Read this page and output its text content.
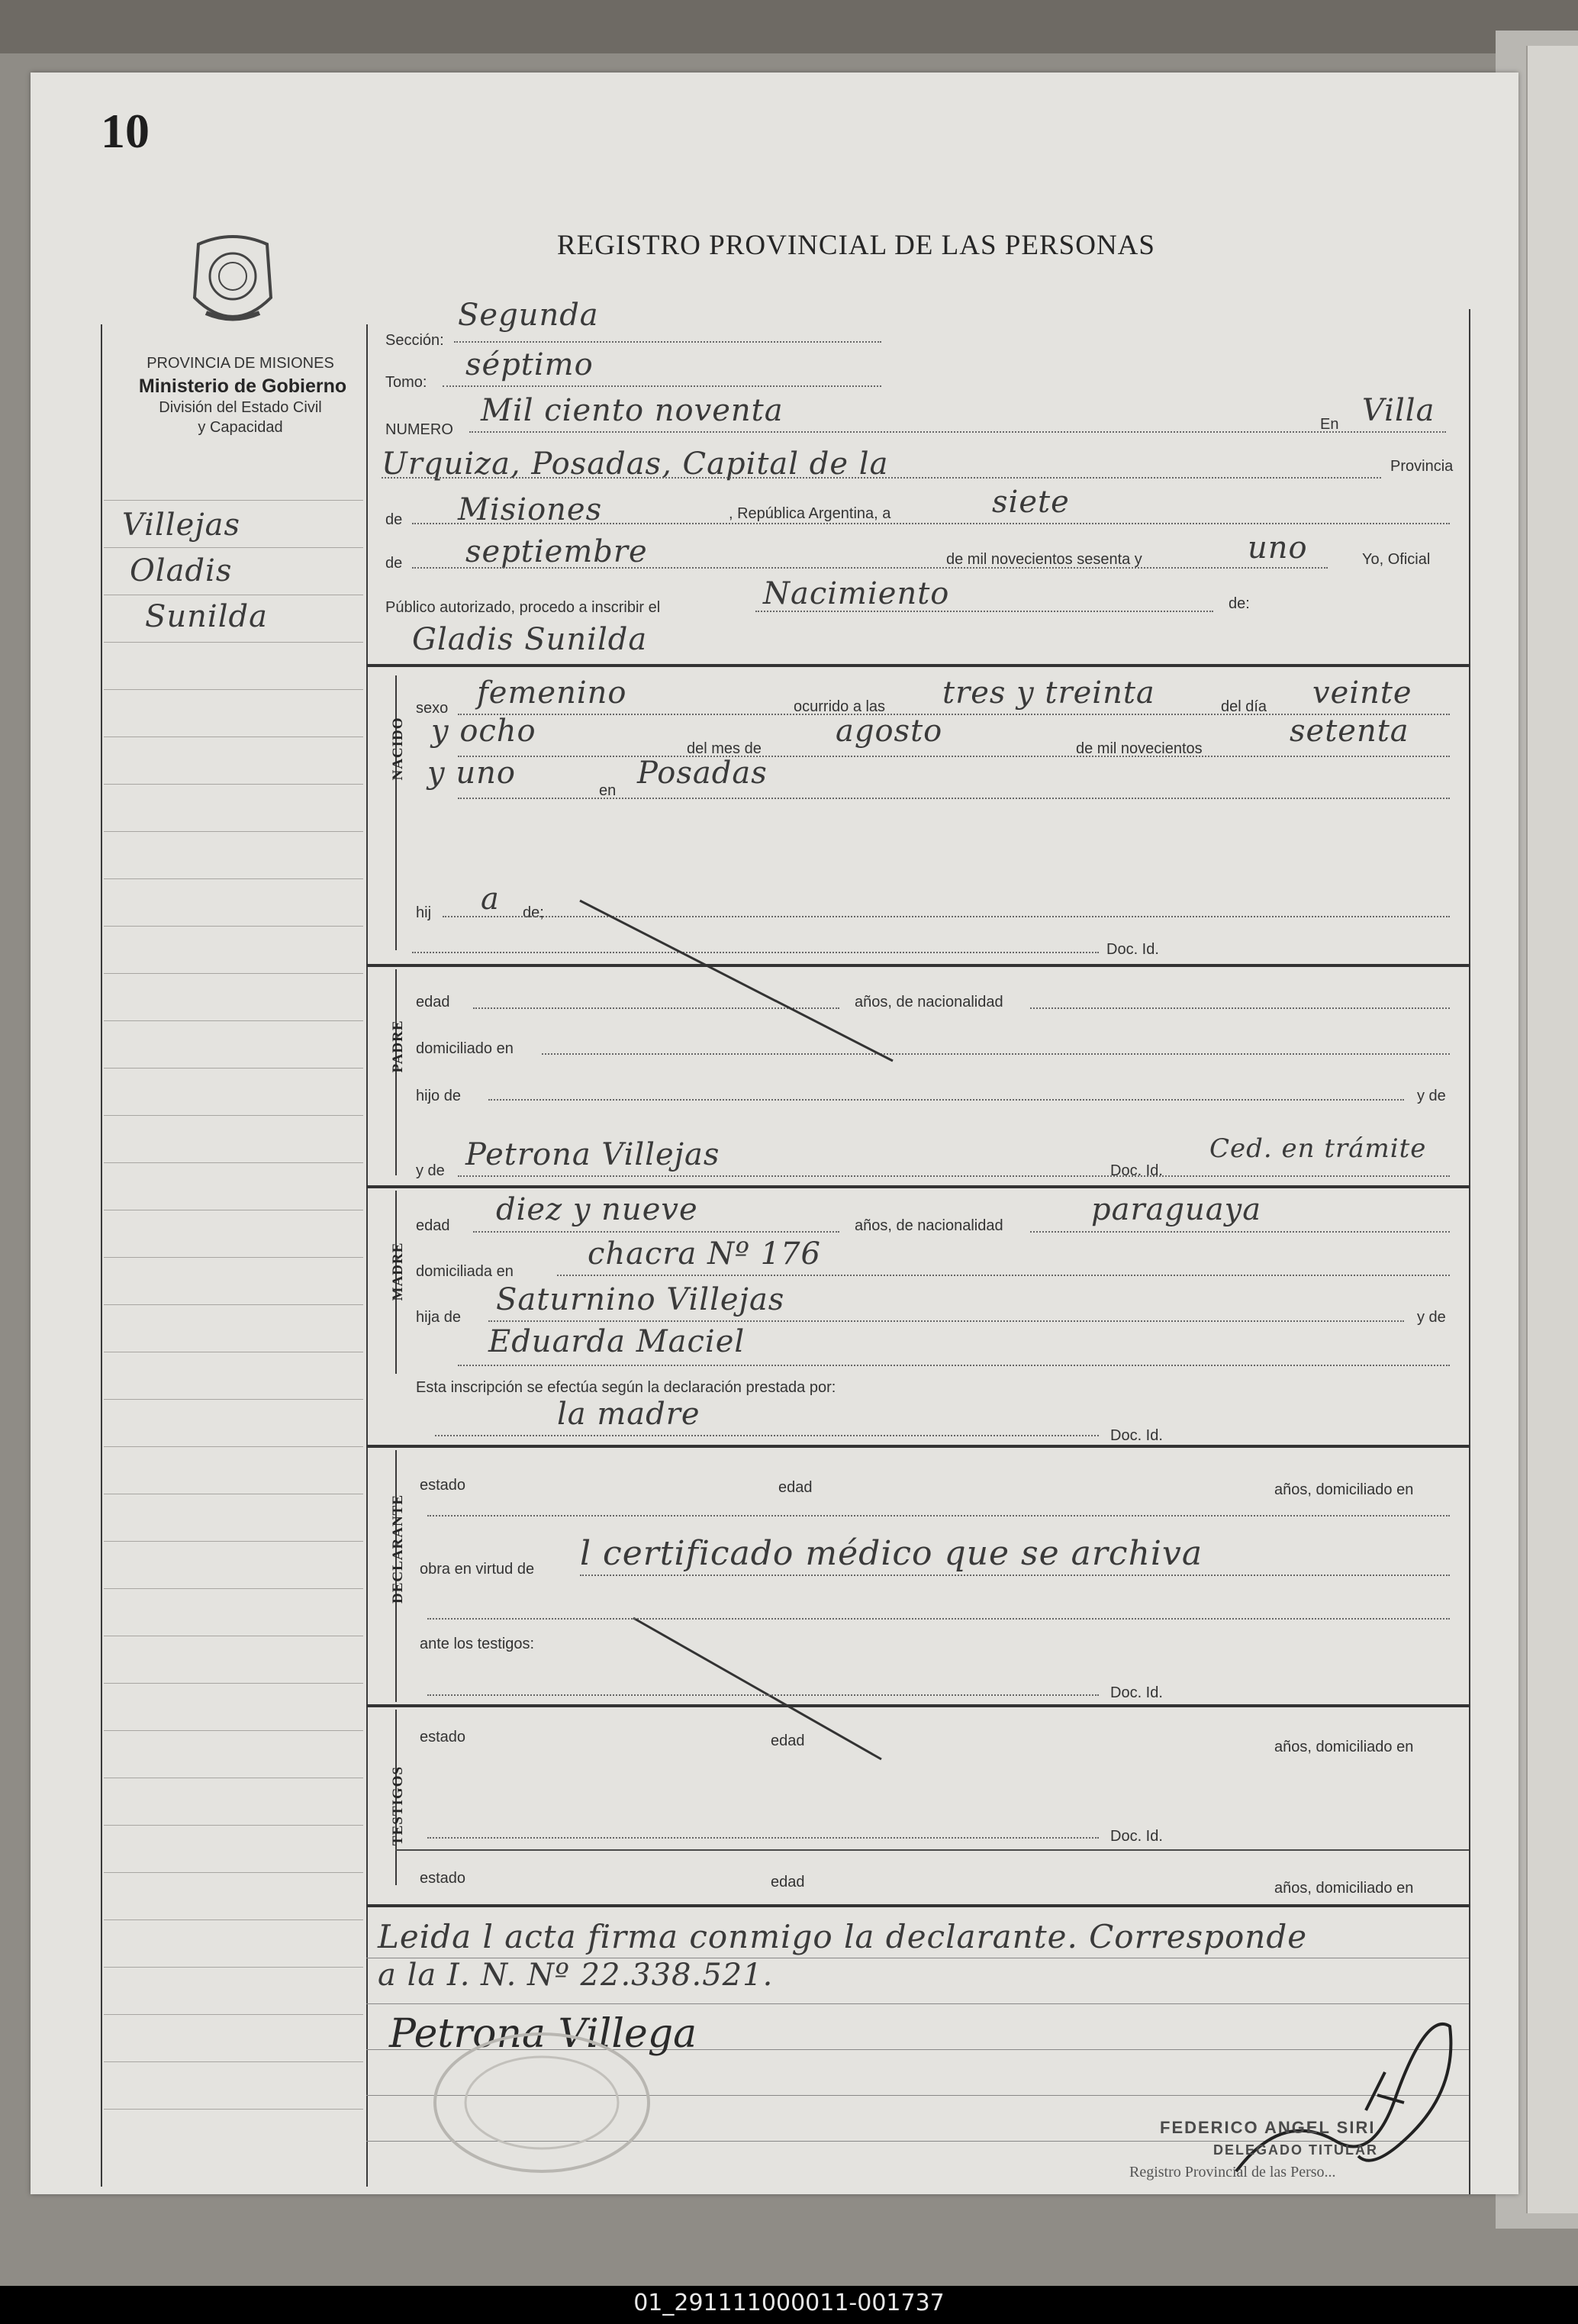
10
REGISTRO PROVINCIAL DE LAS PERSONAS
PROVINCIA DE MISIONES
Ministerio de Gobierno
División del Estado Civil
y Capacidad
Villejas
Oladis
Sunilda
Sección:
Segunda
Tomo: séptimo
NUMERO
Mil ciento noventa	En Villa
Urquiza, Posadas, Capital de la	Provincia
de Misiones	, República Argentina, a	siete
de septiembre	de mil novecientos sesenta y	uno	Yo, Oficial
Público autorizado, procedo a inscribir el	Nacimiento	de:
Gladis Sunilda
NACIDO
sexo femenino	ocurrido a las tres y treinta	del día veinte
y ocho	del mes de agosto	de mil novecientos	setenta
y uno	en Posadas
hij a de;
Doc. Id.
PADRE
edad	años, de nacionalidad
domiciliado en
hijo de	y de
y de Petrona Villejas	Doc. Id.
Ced. en trámite
MADRE
edad diez y nueve	años, de nacionalidad	paraguaya
domiciliada en chacra Nº 176
hija de Saturnino Villejas	y de
Eduarda Maciel
Esta inscripción se efectúa según la declaración prestada por:
la madre
Doc. Id.
DECLARANTE
estado	edad	años, domiciliado en
obra en virtud de l certificado médico que se archiva
ante los testigos:
Doc. Id.
TESTIGOS
estado	edad	años, domiciliado en
Doc. Id.
estado	edad	años, domiciliado en
Leida l acta firma conmigo la declarante. Corresponde
a la I. N. Nº 22.338.521.
Petrona Villega
FEDERICO ANGEL SIRI
DELEGADO TITULAR
Registro Provincial de las Perso...
01_291111000011-001737
